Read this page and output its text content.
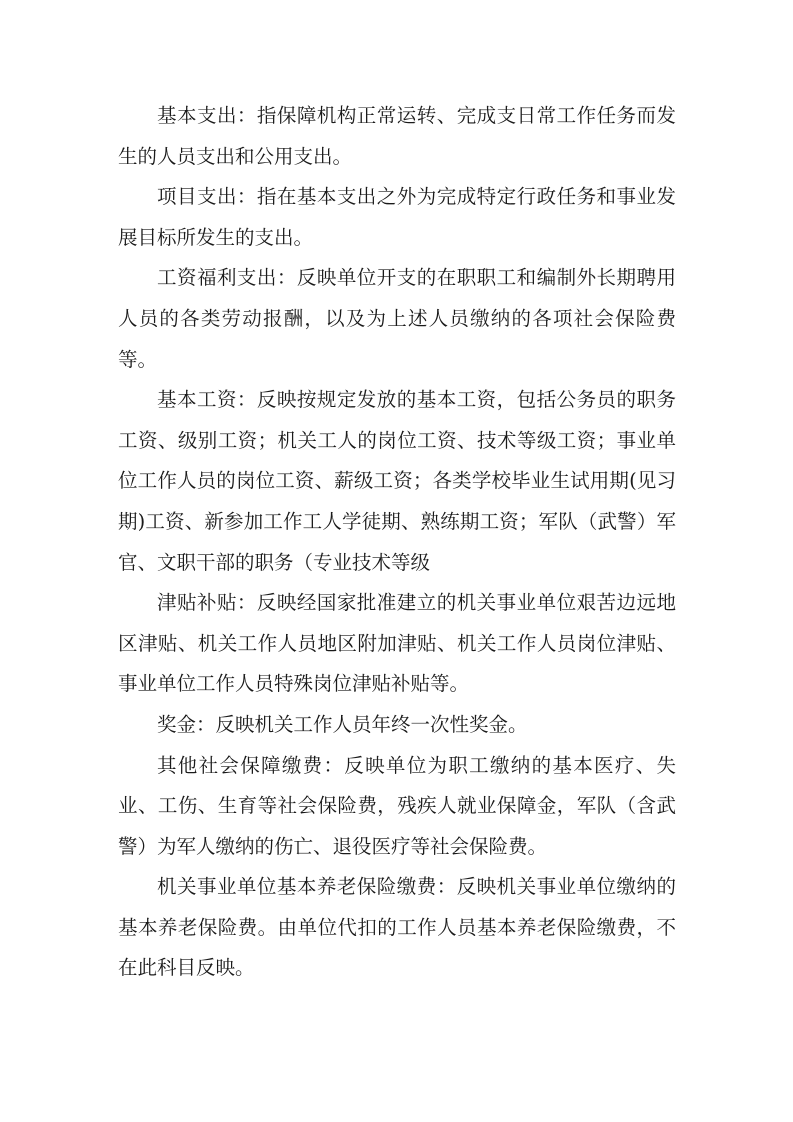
基本支出：指保障机构正常运转、完成支日常工作任务而发生的人员支出和公用支出。

项目支出：指在基本支出之外为完成特定行政任务和事业发展目标所发生的支出。

工资福利支出：反映单位开支的在职职工和编制外长期聘用人员的各类劳动报酬，以及为上述人员缴纳的各项社会保险费等。

基本工资：反映按规定发放的基本工资，包括公务员的职务工资、级别工资；机关工人的岗位工资、技术等级工资；事业单位工作人员的岗位工资、薪级工资；各类学校毕业生试用期(见习期)工资、新参加工作工人学徒期、熟练期工资；军队（武警）军官、文职干部的职务（专业技术等级

津贴补贴：反映经国家批准建立的机关事业单位艰苦边远地区津贴、机关工作人员地区附加津贴、机关工作人员岗位津贴、事业单位工作人员特殊岗位津贴补贴等。

奖金：反映机关工作人员年终一次性奖金。

其他社会保障缴费：反映单位为职工缴纳的基本医疗、失业、工伤、生育等社会保险费，残疾人就业保障金，军队（含武警）为军人缴纳的伤亡、退役医疗等社会保险费。

机关事业单位基本养老保险缴费：反映机关事业单位缴纳的基本养老保险费。由单位代扣的工作人员基本养老保险缴费，不在此科目反映。
